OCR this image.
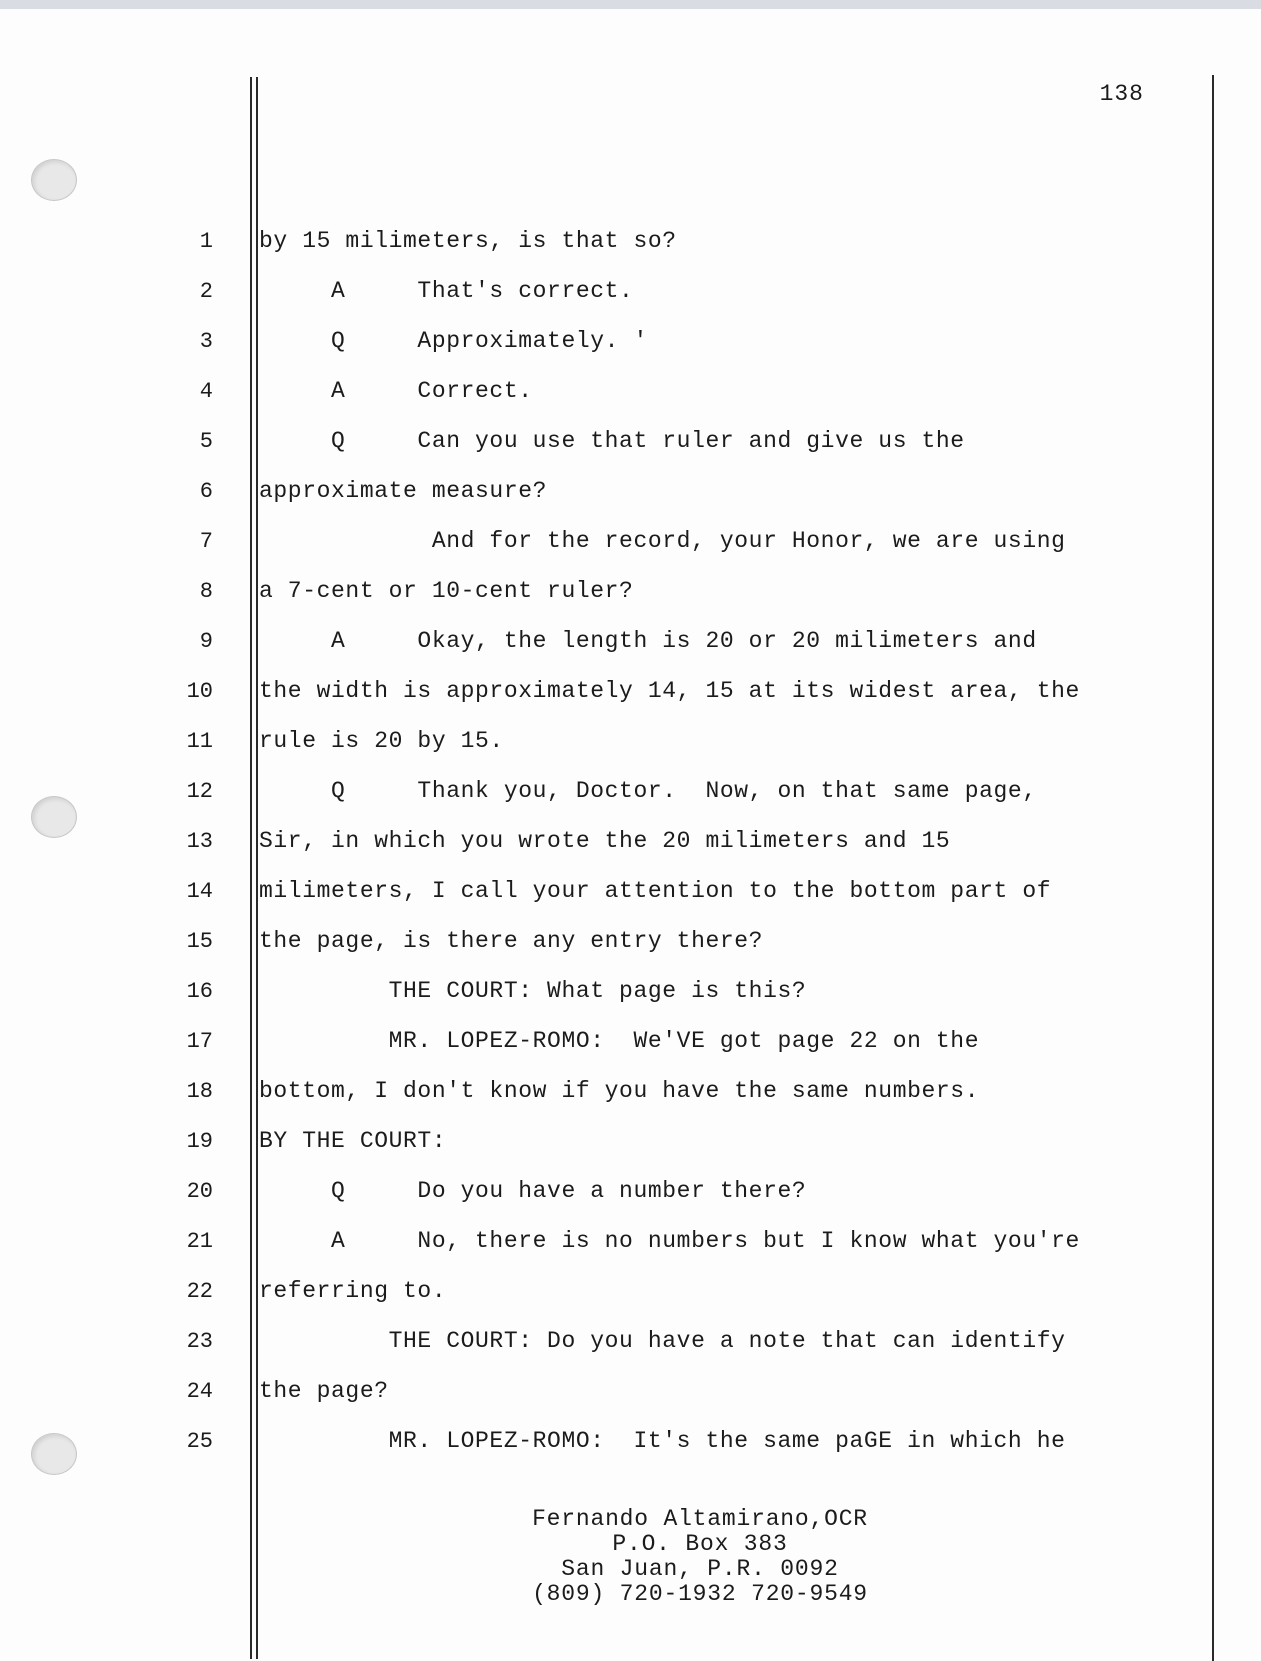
138
1 by 15 milimeters, is that so?
2 A     That's correct.
3 Q     Approximately. '
4 A     Correct.
5 Q     Can you use that ruler and give us the
6 approximate measure?
7 And for the record, your Honor, we are using
8 a 7-cent or 10-cent ruler?
9 A     Okay, the length is 20 or 20 milimeters and
10 the width is approximately 14, 15 at its widest area, the
11 rule is 20 by 15.
12 Q     Thank you, Doctor.  Now, on that same page,
13 Sir, in which you wrote the 20 milimeters and 15
14 milimeters, I call your attention to the bottom part of
15 the page, is there any entry there?
16 THE COURT: What page is this?
17 MR. LOPEZ-ROMO:  We'VE got page 22 on the
18 bottom, I don't know if you have the same numbers.
19 BY THE COURT:
20 Q     Do you have a number there?
21 A     No, there is no numbers but I know what you're
22 referring to.
23 THE COURT: Do you have a note that can identify
24 the page?
25 MR. LOPEZ-ROMO:  It's the same paGE in which he
Fernando Altamirano,OCR
P.O. Box 383
San Juan, P.R. 0092
(809) 720-1932 720-9549
